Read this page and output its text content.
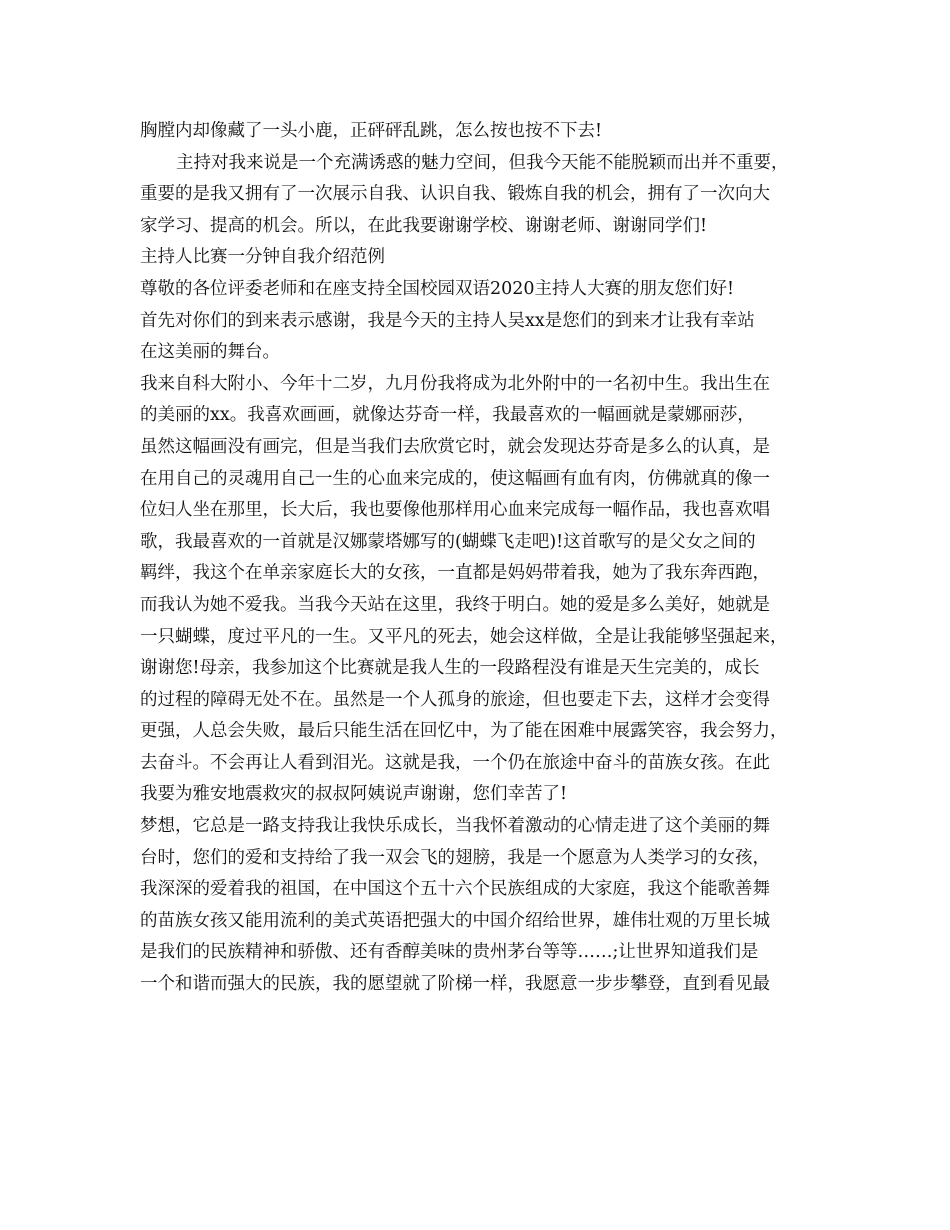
胸膛内却像藏了一头小鹿，正砰砰乱跳，怎么按也按不下去!
主持对我来说是一个充满诱惑的魅力空间，但我今天能不能脱颖而出并不重要，
重要的是我又拥有了一次展示自我、认识自我、锻炼自我的机会，拥有了一次向大
家学习、提高的机会。所以，在此我要谢谢学校、谢谢老师、谢谢同学们!
主持人比赛一分钟自我介绍范例
尊敬的各位评委老师和在座支持全国校园双语2020主持人大赛的朋友您们好!
首先对你们的到来表示感谢，我是今天的主持人吴xx是您们的到来才让我有幸站
在这美丽的舞台。
我来自科大附小、今年十二岁，九月份我将成为北外附中的一名初中生。我出生在
的美丽的xx。我喜欢画画，就像达芬奇一样，我最喜欢的一幅画就是蒙娜丽莎，
虽然这幅画没有画完，但是当我们去欣赏它时，就会发现达芬奇是多么的认真，是
在用自己的灵魂用自己一生的心血来完成的，使这幅画有血有肉，仿佛就真的像一
位妇人坐在那里，长大后，我也要像他那样用心血来完成每一幅作品，我也喜欢唱
歌，我最喜欢的一首就是汉娜蒙塔娜写的(蝴蝶飞走吧)!这首歌写的是父女之间的
羁绊，我这个在单亲家庭长大的女孩，一直都是妈妈带着我，她为了我东奔西跑，
而我认为她不爱我。当我今天站在这里，我终于明白。她的爱是多么美好，她就是
一只蝴蝶，度过平凡的一生。又平凡的死去，她会这样做，全是让我能够坚强起来，
谢谢您!母亲，我参加这个比赛就是我人生的一段路程没有谁是天生完美的，成长
的过程的障碍无处不在。虽然是一个人孤身的旅途，但也要走下去，这样才会变得
更强，人总会失败，最后只能生活在回忆中，为了能在困难中展露笑容，我会努力，
去奋斗。不会再让人看到泪光。这就是我，一个仍在旅途中奋斗的苗族女孩。在此
我要为雅安地震救灾的叔叔阿姨说声谢谢，您们幸苦了!
梦想，它总是一路支持我让我快乐成长，当我怀着激动的心情走进了这个美丽的舞
台时，您们的爱和支持给了我一双会飞的翅膀，我是一个愿意为人类学习的女孩，
我深深的爱着我的祖国，在中国这个五十六个民族组成的大家庭，我这个能歌善舞
的苗族女孩又能用流利的美式英语把强大的中国介绍给世界，雄伟壮观的万里长城
是我们的民族精神和骄傲、还有香醇美味的贵州茅台等等……;让世界知道我们是
一个和谐而强大的民族，我的愿望就了阶梯一样，我愿意一步步攀登，直到看见最
